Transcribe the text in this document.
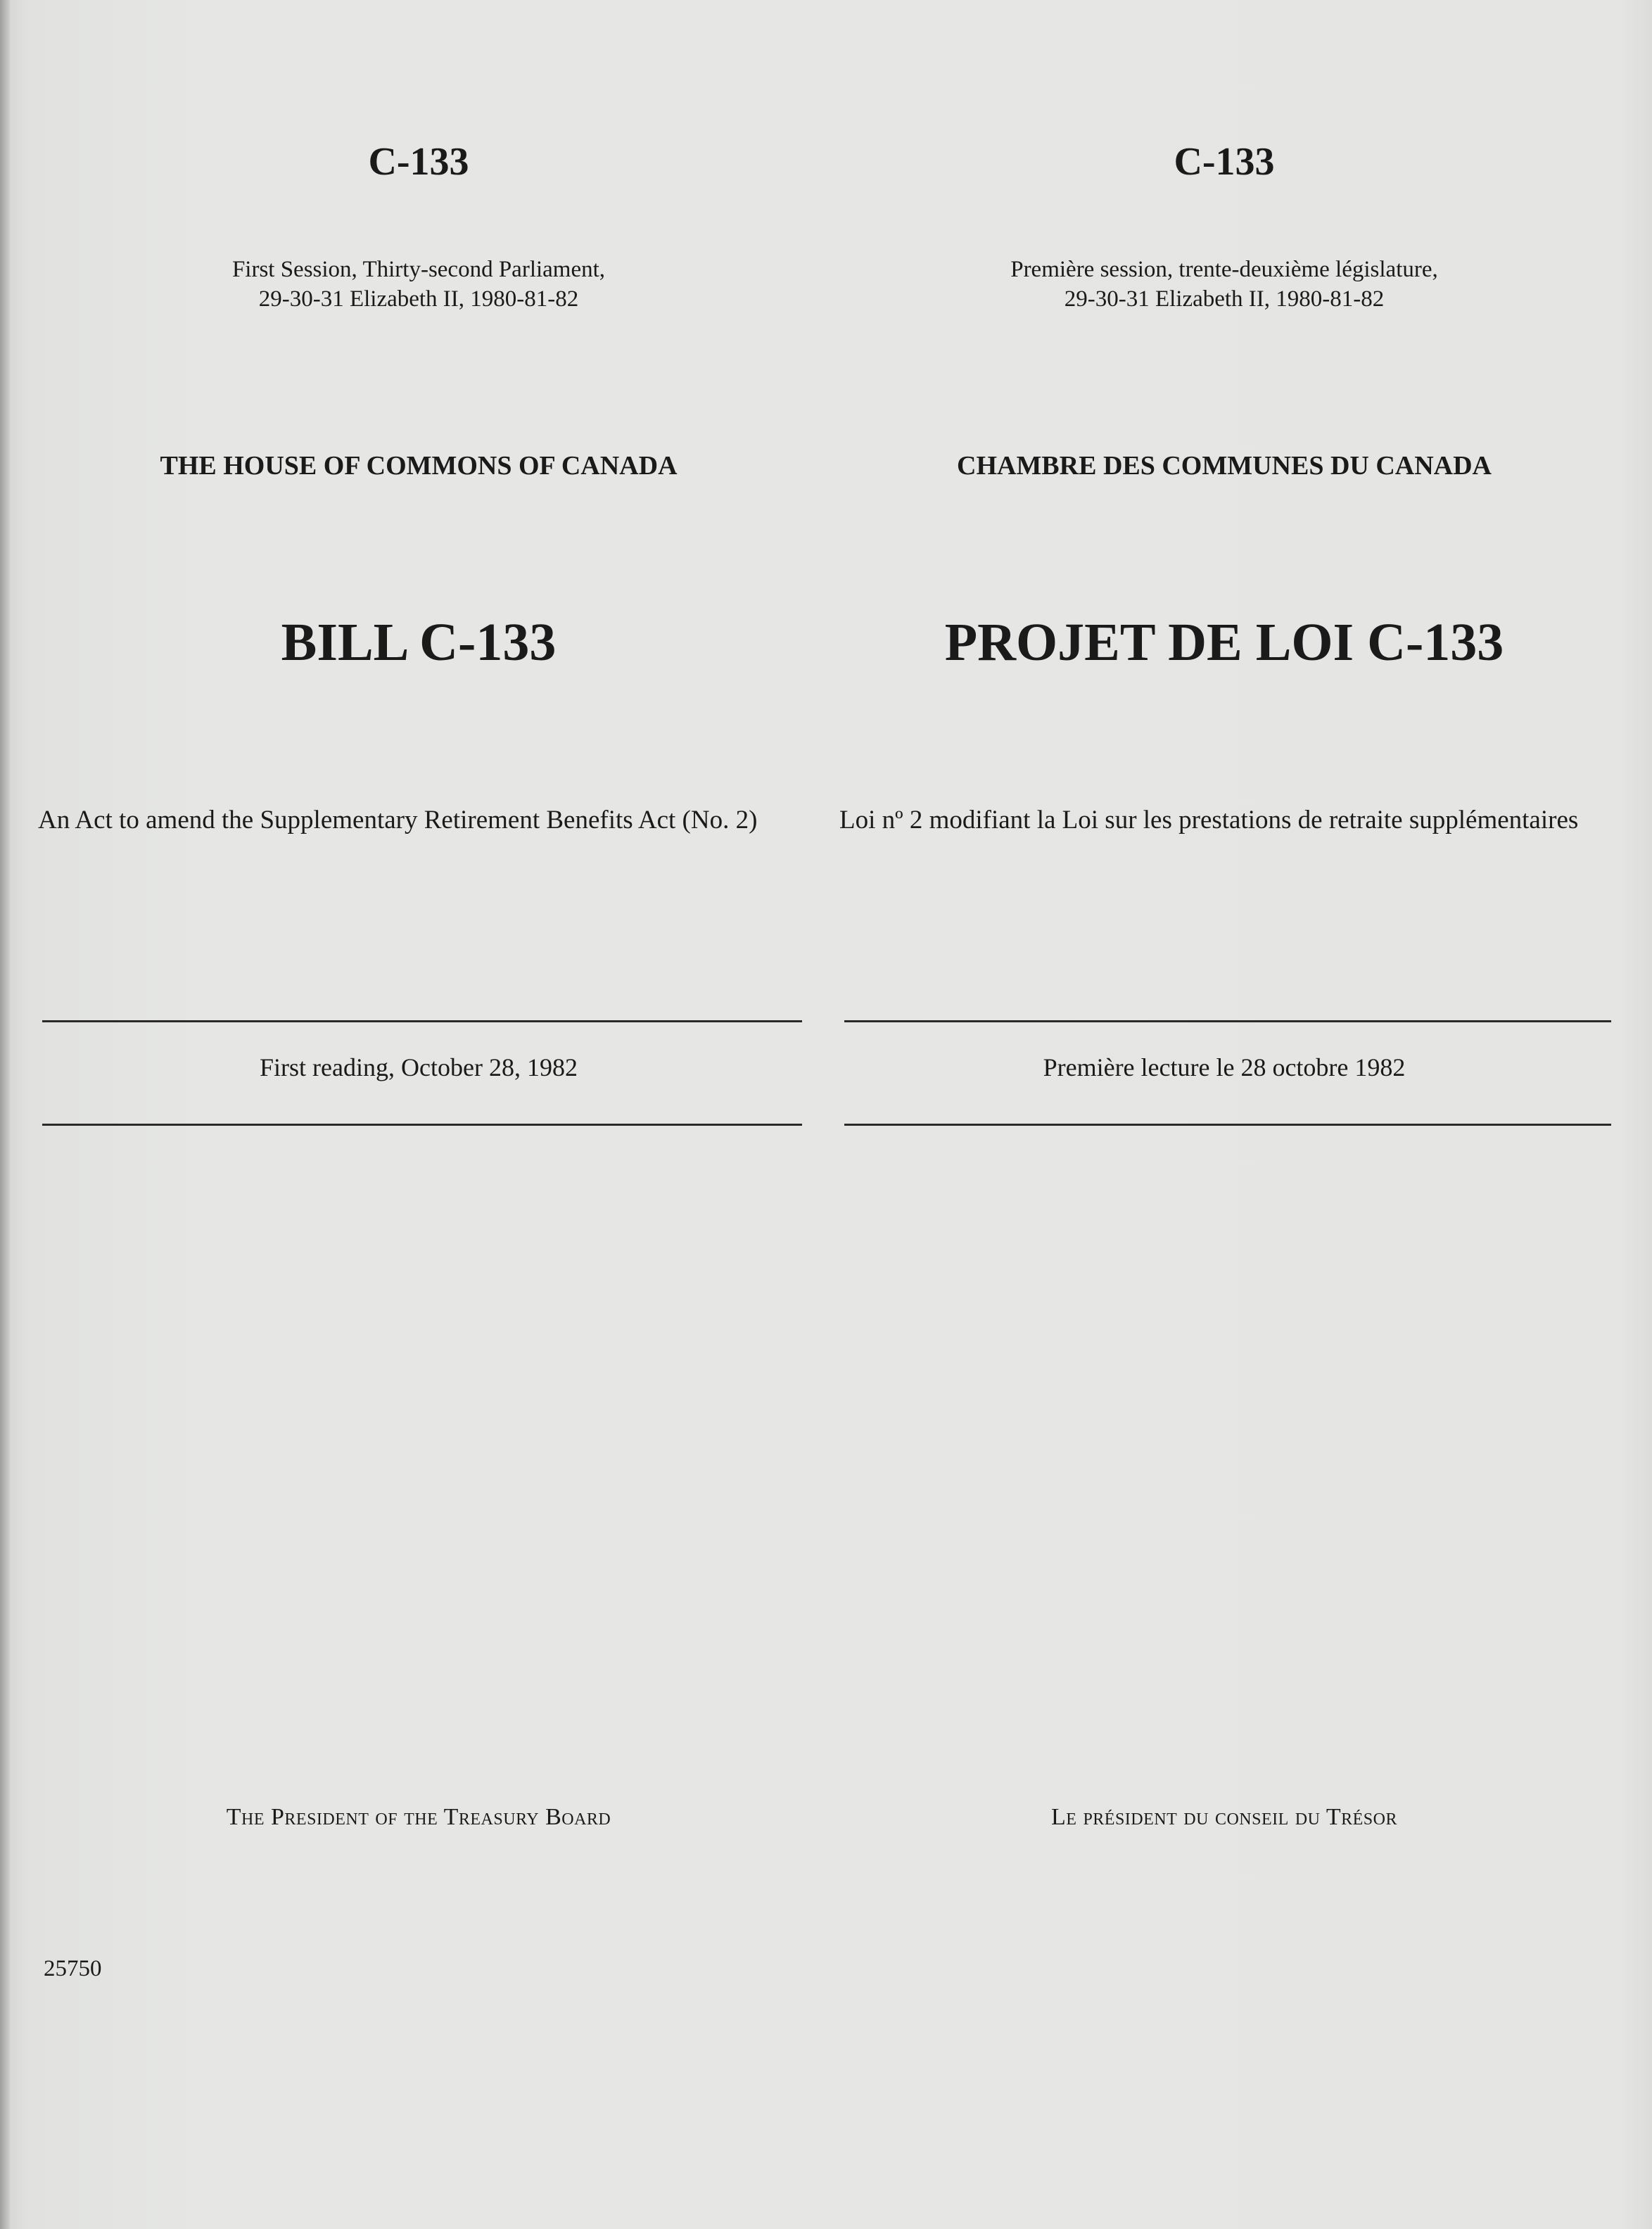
C-133
First Session, Thirty-second Parliament,
29-30-31 Elizabeth II, 1980-81-82
THE HOUSE OF COMMONS OF CANADA
BILL C-133
An Act to amend the Supplementary Retirement Benefits Act (No. 2)
First reading, October 28, 1982
The President of the Treasury Board
C-133
Première session, trente-deuxième législature,
29-30-31 Elizabeth II, 1980-81-82
CHAMBRE DES COMMUNES DU CANADA
PROJET DE LOI C-133
Loi nº 2 modifiant la Loi sur les prestations de retraite supplémentaires
Première lecture le 28 octobre 1982
Le président du conseil du Trésor
25750
